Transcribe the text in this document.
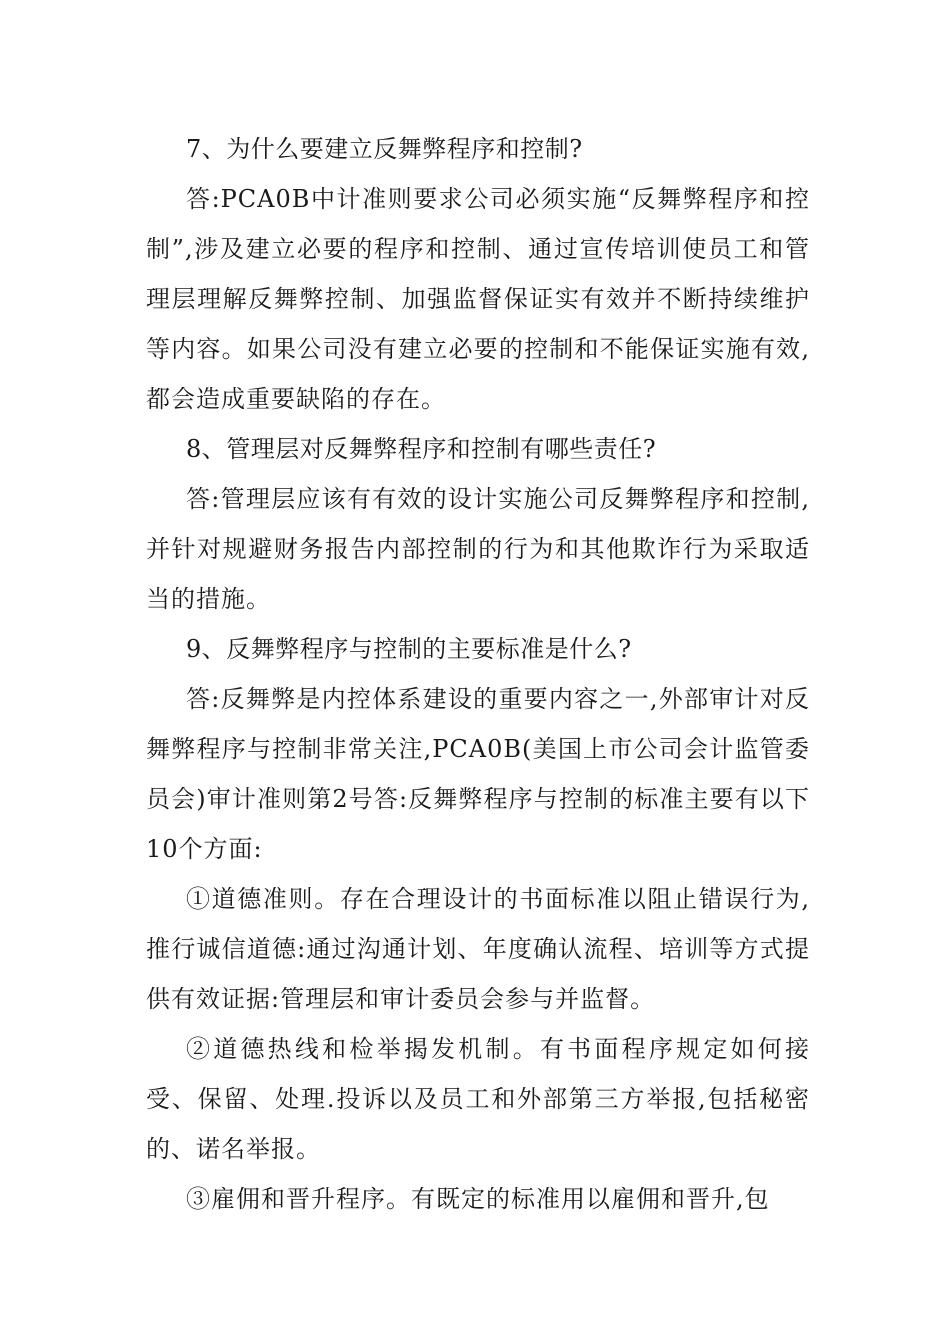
7、为什么要建立反舞弊程序和控制?

答:PCA0B中计准则要求公司必须实施“反舞弊程序和控制”,涉及建立必要的程序和控制、通过宣传培训使员工和管理层理解反舞弊控制、加强监督保证实有效并不断持续维护等内容。如果公司没有建立必要的控制和不能保证实施有效,都会造成重要缺陷的存在。

8、管理层对反舞弊程序和控制有哪些责任?

答:管理层应该有有效的设计实施公司反舞弊程序和控制,并针对规避财务报告内部控制的行为和其他欺诈行为采取适当的措施。

9、反舞弊程序与控制的主要标准是什么?

答:反舞弊是内控体系建设的重要内容之一,外部审计对反舞弊程序与控制非常关注,PCA0B(美国上市公司会计监管委员会)审计准则第2号答:反舞弊程序与控制的标准主要有以下10个方面:

①道德准则。存在合理设计的书面标准以阻止错误行为,推行诚信道德:通过沟通计划、年度确认流程、培训等方式提供有效证据:管理层和审计委员会参与并监督。

②道德热线和检举揭发机制。有书面程序规定如何接受、保留、处理.投诉以及员工和外部第三方举报,包括秘密的、诺名举报。

③雇佣和晋升程序。有既定的标准用以雇佣和晋升,包
